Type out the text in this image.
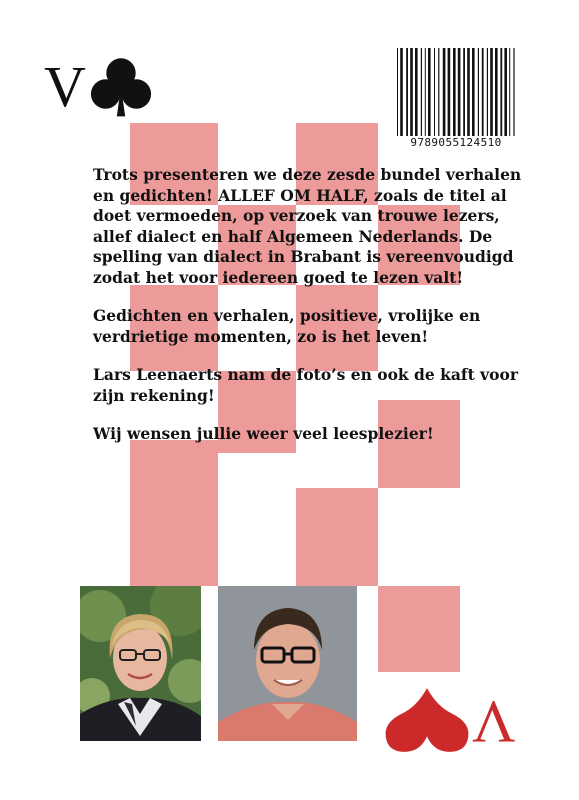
V
9789055124510

Trots presenteren we deze zesde bundel verhalen en gedichten! ALLEF OM HALF, zoals de titel al doet vermoeden, op verzoek van trouwe lezers, allef dialect en half Algemeen Nederlands. De spelling van dialect in Brabant is vereenvoudigd zodat het voor iedereen goed te lezen valt!

Gedichten en verhalen, positieve, vrolijke en verdrietige momenten, zo is het leven!

Lars Leenaerts nam de foto’s en ook de kaft voor zijn rekening!

Wij wensen jullie weer veel leesplezier!

V
